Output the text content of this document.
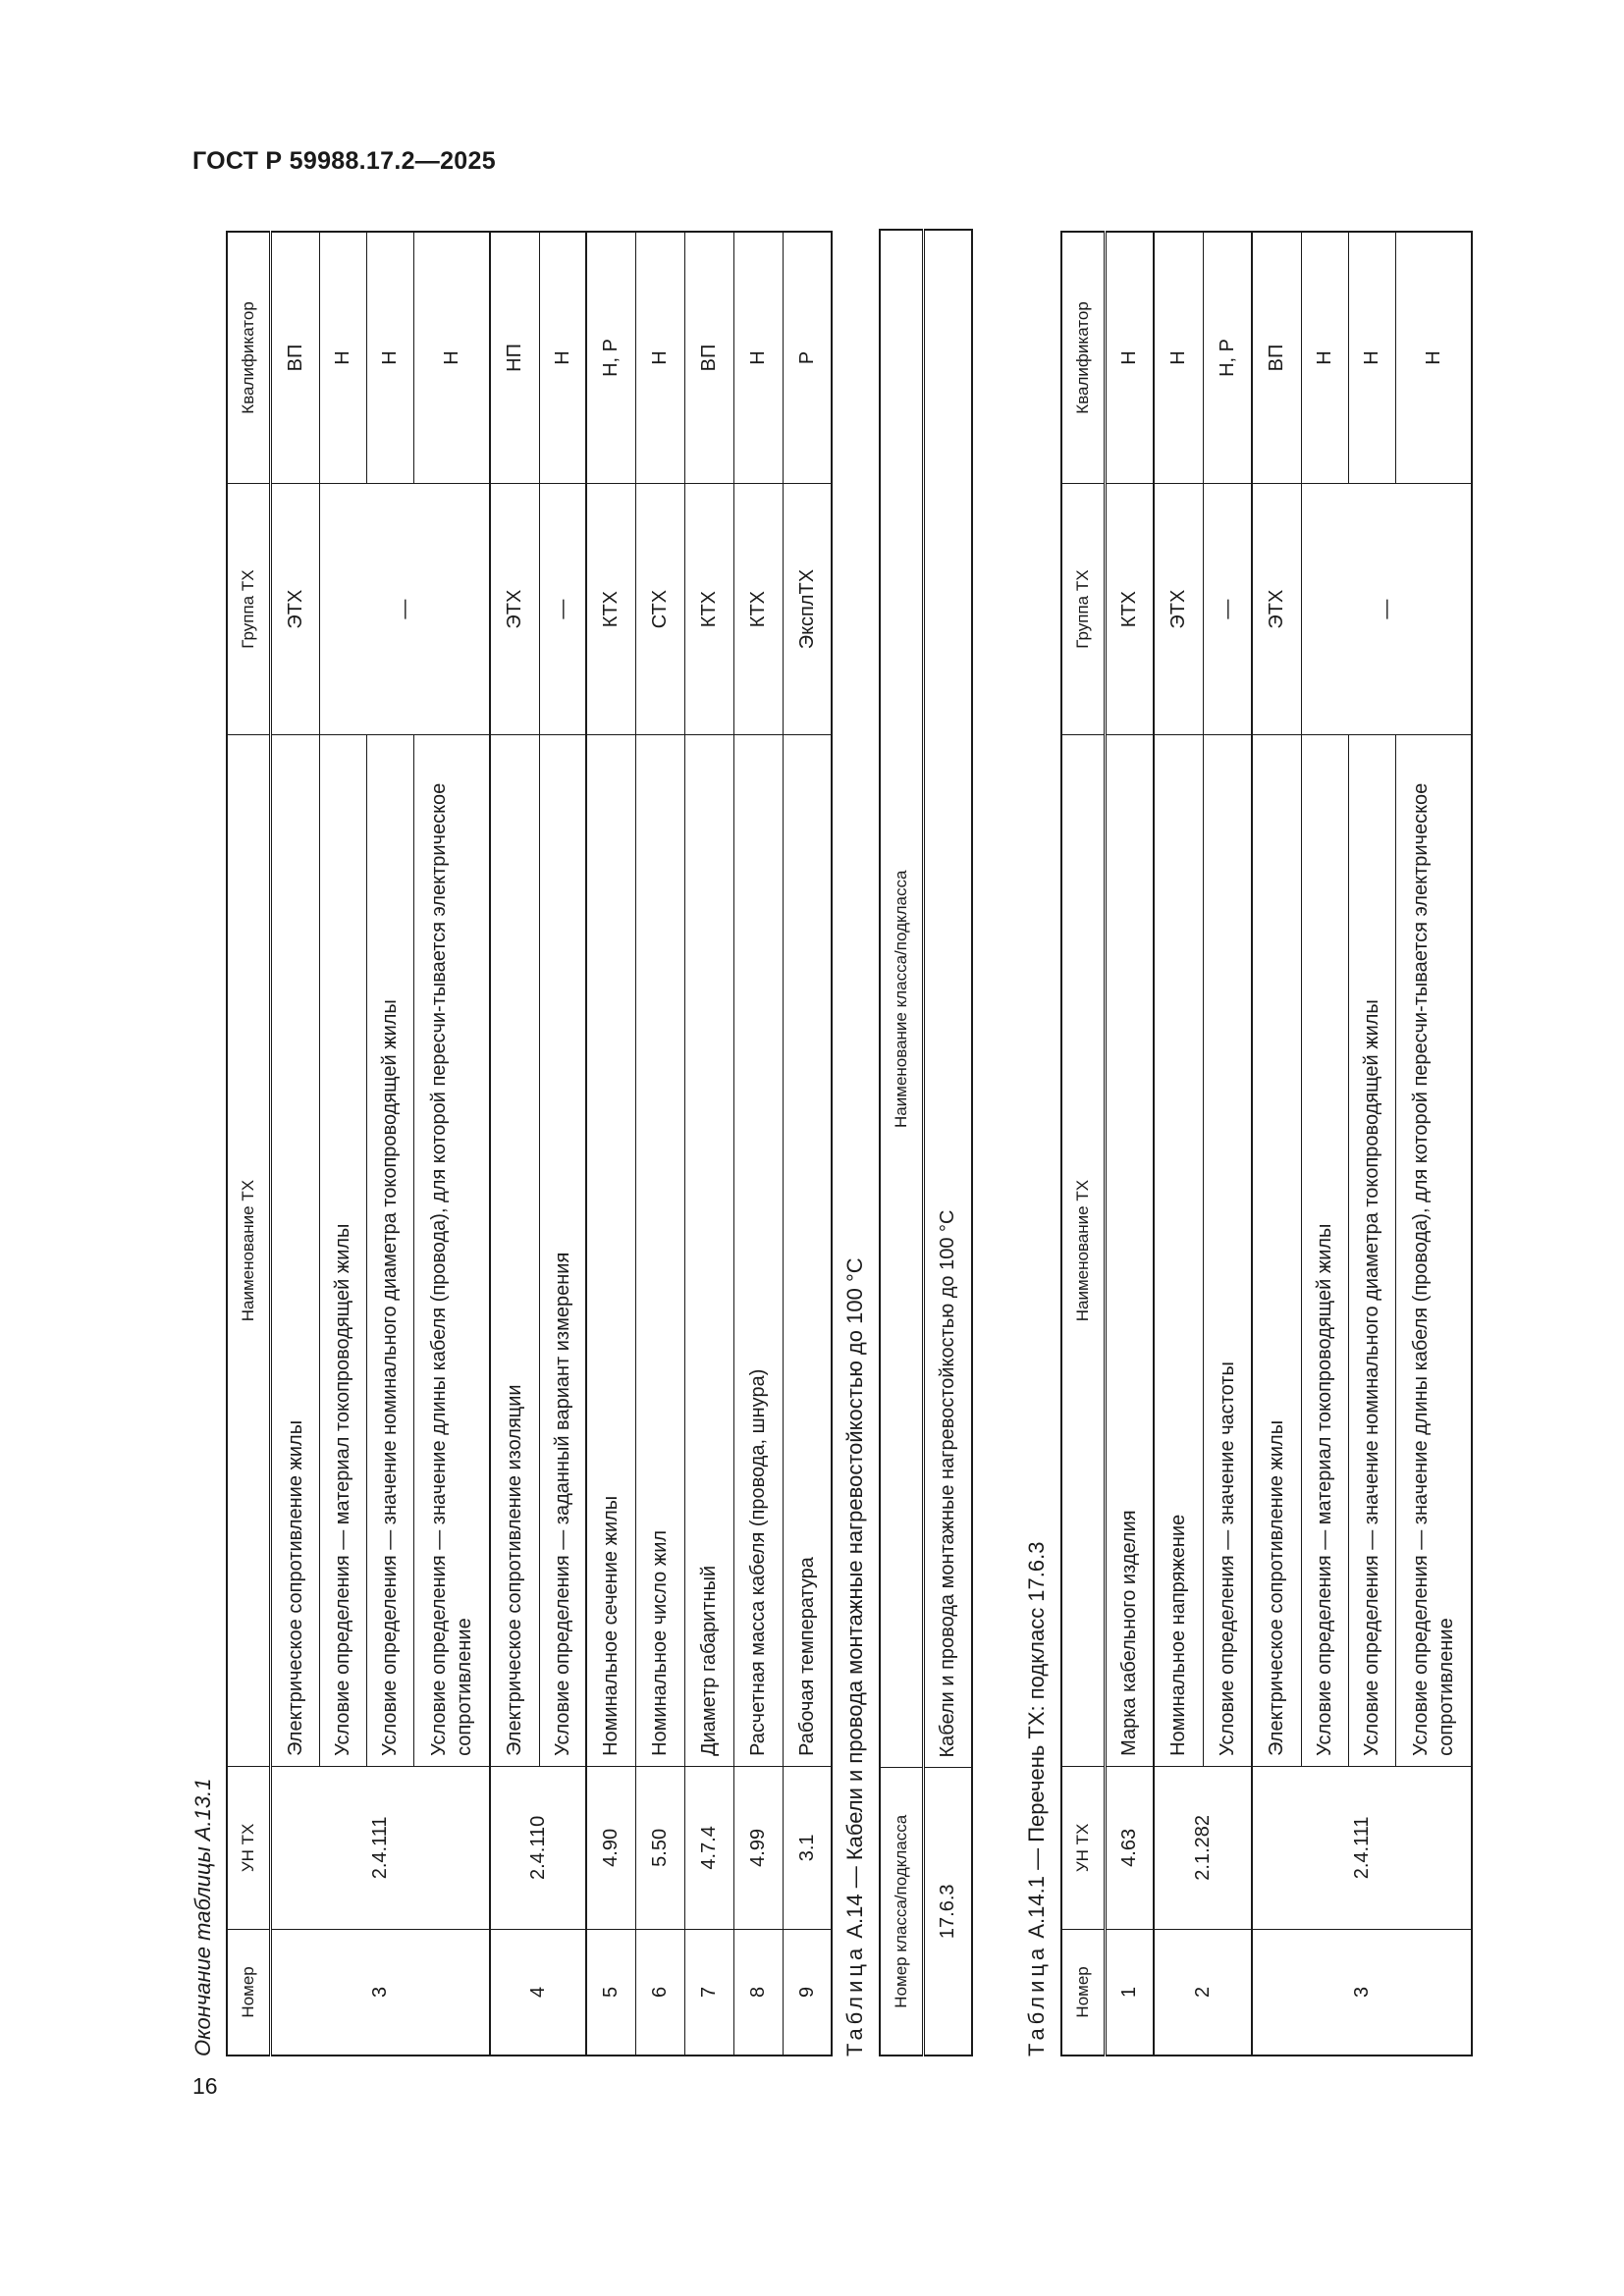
ГОСТ Р 59988.17.2—2025

Окончание таблицы А.13.1 Номер	УН ТХ	Наименование ТХ	Группа ТХ	Квалификатор
3	2.4.111	Электрическое сопротивление жилы	ЭТХ	ВП
		Условие определения — материал токопроводящей жилы	—	Н
		Условие определения — значение номинального диаметра токопроводящей жилы		Н
		Условие определения — значение длины кабеля (провода), для которой пересчи-тывается электрическое сопротивление		Н
4	2.4.110	Электрическое сопротивление изоляции	ЭТХ	НП
		Условие определения — заданный вариант измерения	—	Н
5	4.90	Номинальное сечение жилы	КТХ	Н, Р
6	5.50	Номинальное число жил	СТХ	Н
7	4.7.4	Диаметр габаритный	КТХ	ВП
8	4.99	Расчетная масса кабеля (провода, шнура)	КТХ	Н
9	3.1	Рабочая температура	ЭксплТХ	Р

Таблица А.14 — Кабели и провода монтажные нагревостойкостью до 100 °С Номер класса/подкласса	Наименование класса/подкласса
17.6.3	Кабели и провода монтажные нагревостойкостью до 100 °С

Таблица А.14.1 — Перечень ТХ: подкласс 17.6.3

Номер	УН ТХ	Наименование ТХ	Группа ТХ	Квалификатор
1	4.63	Марка кабельного изделия	КТХ	Н
2	2.1.282	Номинальное напряжение	ЭТХ	Н
		Условие определения — значение частоты	—	Н, Р
3	2.4.111	Электрическое сопротивление жилы	ЭТХ	ВП
		Условие определения — материал токопроводящей жилы	—	Н
		Условие определения — значение номинального диаметра токопроводящей жилы		Н
		Условие определения — значение длины кабеля (провода), для которой пересчи-тывается электрическое сопротивление		Н
16
